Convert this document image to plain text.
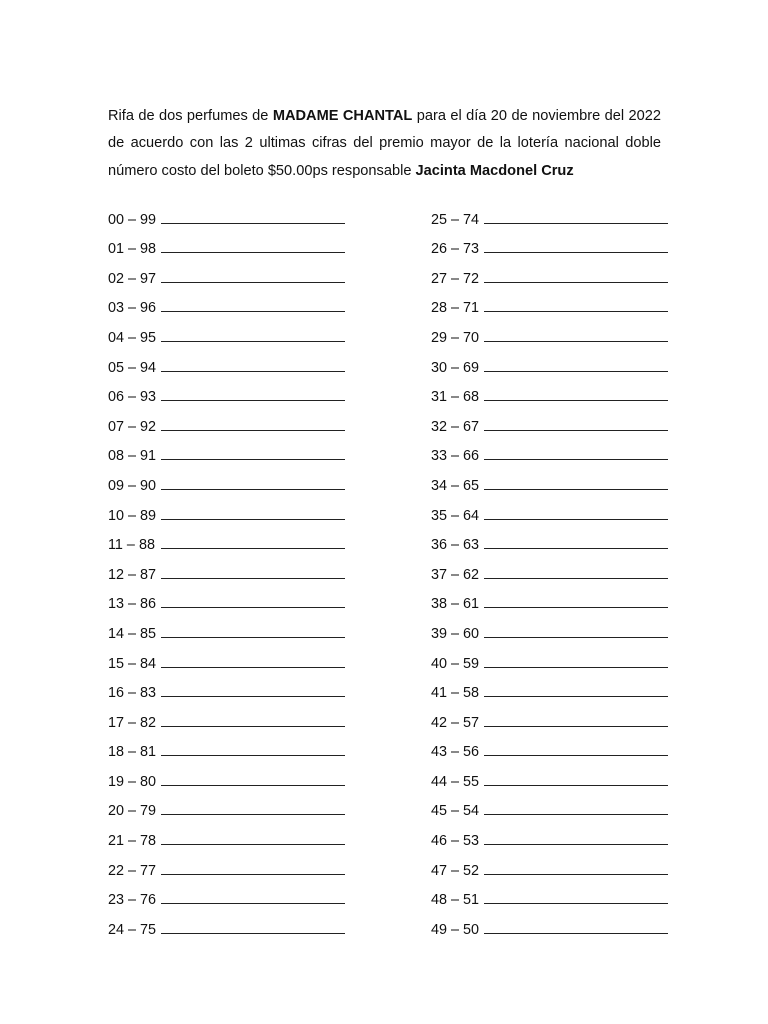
Rifa de dos perfumes de MADAME CHANTAL para el día 20 de noviembre del 2022 de acuerdo con las 2 ultimas cifras del premio mayor de la lotería nacional doble número costo del boleto $50.00ps responsable Jacinta Macdonel Cruz

00 – 99
01 – 98
02 – 97
03 – 96
04 – 95
05 – 94
06 – 93
07 – 92
08 – 91
09 – 90
10 – 89
11 – 88
12 – 87
13 – 86
14 – 85
15 – 84
16 – 83
17 – 82
18 – 81
19 – 80
20 – 79
21 – 78
22 – 77
23 – 76
24 – 75
25 – 74
26 – 73
27 – 72
28 – 71
29 – 70
30 – 69
31 – 68
32 – 67
33 – 66
34 – 65
35 – 64
36 – 63
37 – 62
38 – 61
39 – 60
40 – 59
41 – 58
42 – 57
43 – 56
44 – 55
45 – 54
46 – 53
47 – 52
48 – 51
49 – 50
